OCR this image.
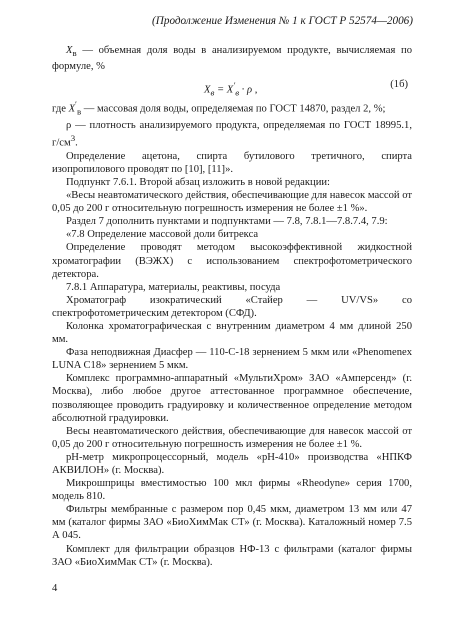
(Продолжение Изменения № 1 к ГОСТ Р 52574—2006)

$X_в$ — объемная доля воды в анализируемом продукте, вычисляемая по формуле, %

$X_в = X'_в \cdot \rho$ ,
(1б)

где $X'_в$ — массовая доля воды, определяемая по ГОСТ 14870, раздел 2, %;

ρ — плотность анализируемого продукта, определяемая по ГОСТ 18995.1, $г/см^3$.

Определение ацетона, спирта бутилового третичного, спирта изопропилового проводят по [10], [11]».

Подпункт 7.6.1. Второй абзац изложить в новой редакции:

«Весы неавтоматического действия, обеспечивающие для навесок массой от 0,05 до 200 г относительную погрешность измерения не более ±1 %».

Раздел 7 дополнить пунктами и подпунктами — 7.8, 7.8.1—7.8.7.4, 7.9:

«7.8 Определение массовой доли битрекса

Определение проводят методом высокоэффективной жидкостной хроматографии (ВЭЖХ) с использованием спектрофотометрического детектора.

7.8.1 Аппаратура, материалы, реактивы, посуда

Хроматограф изократический «Стайер — UV/VS» со спектрофотометрическим детектором (СФД).

Колонка хроматографическая с внутренним диаметром 4 мм длиной 250 мм.

Фаза неподвижная Диасфер — 110-С-18 зернением 5 мкм или «Phenomenex LUNA C18» зернением 5 мкм.

Комплекс программно-аппаратный «МультиХром» ЗАО «Амперсенд» (г. Москва), либо любое другое аттестованное программное обеспечение, позволяющее проводить градуировку и количественное определение методом абсолютной градуировки.

Весы неавтоматического действия, обеспечивающие для навесок массой от 0,05 до 200 г относительную погрешность измерения не более ±1 %.

pH-метр микропроцессорный, модель «pH-410» производства «НПКФ АКВИЛОН» (г. Москва).

Микрошприцы вместимостью 100 мкл фирмы «Rheodyne» серия 1700, модель 810.

Фильтры мембранные с размером пор 0,45 мкм, диаметром 13 мм или 47 мм (каталог фирмы ЗАО «БиоХимМак СТ» (г. Москва). Каталожный номер 7.5 А 045.

Комплект для фильтрации образцов НФ-13 с фильтрами (каталог фирмы ЗАО «БиоХимМак СТ» (г. Москва).

4
